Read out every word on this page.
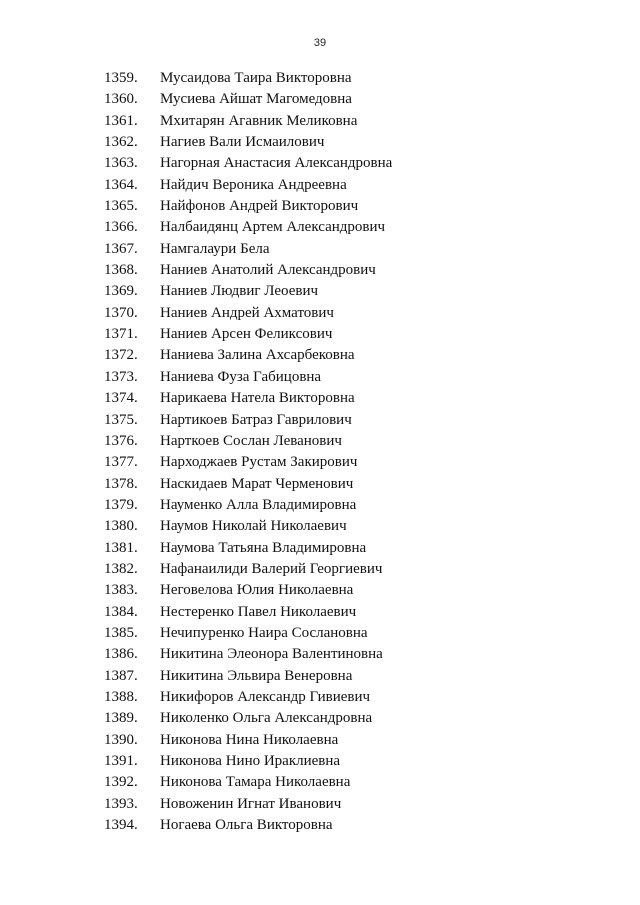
39
1359. Мусаидова Таира Викторовна
1360. Мусиева Айшат Магомедовна
1361. Мхитарян Агавник Меликовна
1362. Нагиев Вали Исмаилович
1363. Нагорная Анастасия Александровна
1364. Найдич Вероника Андреевна
1365. Найфонов Андрей Викторович
1366. Налбаидянц Артем Александрович
1367. Намгалаури Бела
1368. Наниев Анатолий Александрович
1369. Наниев Людвиг Леоевич
1370. Наниев Андрей Ахматович
1371. Наниев Арсен Феликсович
1372. Наниева Залина Ахсарбековна
1373. Наниева Фуза Габицовна
1374. Нарикаева Натела Викторовна
1375. Нартикоев Батраз Гаврилович
1376. Нарткоев Сослан Леванович
1377. Нарходжаев Рустам Закирович
1378. Наскидаев Марат Черменович
1379. Науменко Алла Владимировна
1380. Наумов Николай Николаевич
1381. Наумова Татьяна Владимировна
1382. Нафанаилиди Валерий Георгиевич
1383. Неговелова Юлия Николаевна
1384. Нестеренко Павел Николаевич
1385. Нечипуренко Наира Сослановна
1386. Никитина Элеонора Валентиновна
1387. Никитина Эльвира Венеровна
1388. Никифоров Александр Гивиевич
1389. Николенко Ольга Александровна
1390. Никонова Нина Николаевна
1391. Никонова Нино Ираклиевна
1392. Никонова Тамара Николаевна
1393. Новоженин Игнат Иванович
1394. Ногаева Ольга Викторовна
